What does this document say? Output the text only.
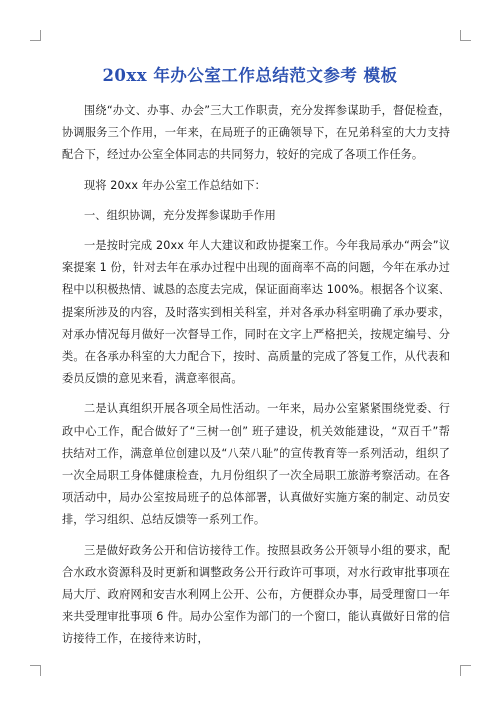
20xx 年办公室工作总结范文参考 模板

围绕“办文、办事、办会”三大工作职责，充分发挥参谋助手，督促检查，协调服务三个作用，一年来，在局班子的正确领导下，在兄弟科室的大力支持配合下，经过办公室全体同志的共同努力，较好的完成了各项工作任务。

现将 20xx 年办公室工作总结如下：

一、组织协调，充分发挥参谋助手作用

一是按时完成 20xx 年人大建议和政协提案工作。今年我局承办“两会”议案提案 1 份，针对去年在承办过程中出现的面商率不高的问题，今年在承办过程中以积极热情、诚恳的态度去完成，保证面商率达 100%。根据各个议案、提案所涉及的内容，及时落实到相关科室，并对各承办科室明确了承办要求，对承办情况每月做好一次督导工作，同时在文字上严格把关，按规定编号、分类。在各承办科室的大力配合下，按时、高质量的完成了答复工作，从代表和委员反馈的意见来看，满意率很高。

二是认真组织开展各项全局性活动。一年来，局办公室紧紧围绕党委、行政中心工作，配合做好了“三树一创” 班子建设，机关效能建设，“双百千”帮扶结对工作，满意单位创建以及“八荣八耻”的宣传教育等一系列活动，组织了一次全局职工身体健康检查，九月份组织了一次全局职工旅游考察活动。在各项活动中，局办公室按局班子的总体部署，认真做好实施方案的制定、动员安排，学习组织、总结反馈等一系列工作。

三是做好政务公开和信访接待工作。按照县政务公开领导小组的要求，配合水政水资源科及时更新和调整政务公开行政许可事项，对水行政审批事项在局大厅、政府网和安吉水利网上公开、公布，方便群众办事，局受理窗口一年来共受理审批事项 6 件。局办公室作为部门的一个窗口，能认真做好日常的信访接待工作，在接待来访时，
